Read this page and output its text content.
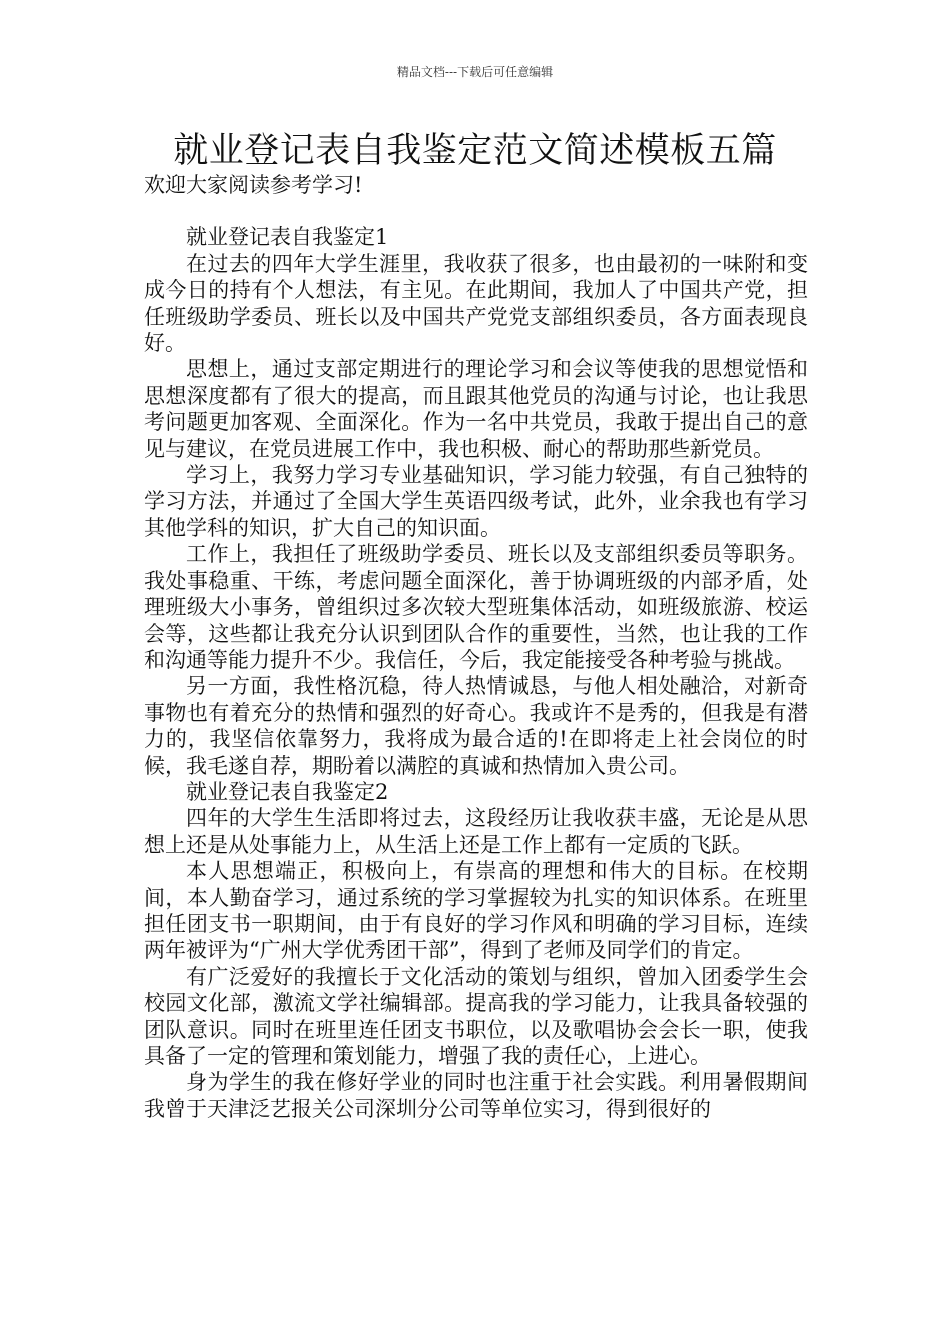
精品文档---下载后可任意编辑
就业登记表自我鉴定范文简述模板五篇

欢迎大家阅读参考学习!

就业登记表自我鉴定1

在过去的四年大学生涯里，我收获了很多，也由最初的一味附和变成今日的持有个人想法，有主见。在此期间，我加人了中国共产党，担任班级助学委员、班长以及中国共产党党支部组织委员，各方面表现良好。

思想上，通过支部定期进行的理论学习和会议等使我的思想觉悟和思想深度都有了很大的提高，而且跟其他党员的沟通与讨论，也让我思考问题更加客观、全面深化。作为一名中共党员，我敢于提出自己的意见与建议，在党员进展工作中，我也积极、耐心的帮助那些新党员。

学习上，我努力学习专业基础知识，学习能力较强，有自己独特的学习方法，并通过了全国大学生英语四级考试，此外，业余我也有学习其他学科的知识，扩大自己的知识面。

工作上，我担任了班级助学委员、班长以及支部组织委员等职务。我处事稳重、干练，考虑问题全面深化，善于协调班级的内部矛盾，处理班级大小事务，曾组织过多次较大型班集体活动，如班级旅游、校运会等，这些都让我充分认识到团队合作的重要性，当然，也让我的工作和沟通等能力提升不少。我信任，今后，我定能接受各种考验与挑战。

另一方面，我性格沉稳，待人热情诚恳，与他人相处融洽，对新奇事物也有着充分的热情和强烈的好奇心。我或许不是秀的，但我是有潜力的，我坚信依靠努力，我将成为最合适的!在即将走上社会岗位的时候，我毛遂自荐，期盼着以满腔的真诚和热情加入贵公司。

就业登记表自我鉴定2

四年的大学生生活即将过去，这段经历让我收获丰盛，无论是从思想上还是从处事能力上，从生活上还是工作上都有一定质的飞跃。

本人思想端正，积极向上，有崇高的理想和伟大的目标。在校期间，本人勤奋学习，通过系统的学习掌握较为扎实的知识体系。在班里担任团支书一职期间，由于有良好的学习作风和明确的学习目标，连续两年被评为“广州大学优秀团干部”，得到了老师及同学们的肯定。

有广泛爱好的我擅长于文化活动的策划与组织，曾加入团委学生会校园文化部，激流文学社编辑部。提高我的学习能力，让我具备较强的团队意识。同时在班里连任团支书职位，以及歌唱协会会长一职，使我具备了一定的管理和策划能力，增强了我的责任心，上进心。

身为学生的我在修好学业的同时也注重于社会实践。利用暑假期间我曾于天津泛艺报关公司深圳分公司等单位实习，得到很好的
